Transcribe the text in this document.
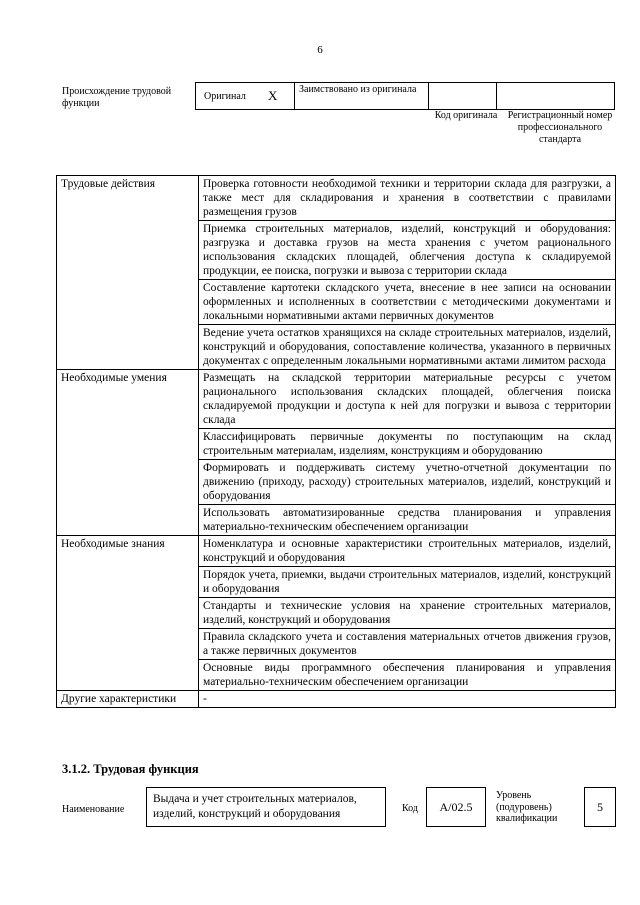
6
Происхождение трудовой функции
Оригинал X Заимствовано из оригинала
Код оригинала	Регистрационный номер профессионального стандарта
Трудовые действия	Проверка готовности необходимой техники и территории склада для разгрузки, а также мест для складирования и хранения в соответствии с правилами размещения грузов
	Приемка строительных материалов, изделий, конструкций и оборудования: разгрузка и доставка грузов на места хранения с учетом рационального использования складских площадей, облегчения доступа к складируемой продукции, ее поиска, погрузки и вывоза с территории склада
	Составление картотеки складского учета, внесение в нее записи на основании оформленных и исполненных в соответствии с методическими документами и локальными нормативными актами первичных документов
	Ведение учета остатков хранящихся на складе строительных материалов, изделий, конструкций и оборудования, сопоставление количества, указанного в первичных документах с определенным локальными нормативными актами лимитом расхода
Необходимые умения	Размещать на складской территории материальные ресурсы с учетом рационального использования складских площадей, облегчения поиска складируемой продукции и доступа к ней для погрузки и вывоза с территории склада
	Классифицировать первичные документы по поступающим на склад строительным материалам, изделиям, конструкциям и оборудованию
	Формировать и поддерживать систему учетно-отчетной документации по движению (приходу, расходу) строительных материалов, изделий, конструкций и оборудования
	Использовать автоматизированные средства планирования и управления материально-техническим обеспечением организации
Необходимые знания	Номенклатура и основные характеристики строительных материалов, изделий, конструкций и оборудования
	Порядок учета, приемки, выдачи строительных материалов, изделий, конструкций и оборудования
	Стандарты и технические условия на хранение строительных материалов, изделий, конструкций и оборудования
	Правила складского учета и составления материальных отчетов движения грузов, а также первичных документов
	Основные виды программного обеспечения планирования и управления материально-техническим обеспечением организации
Другие характеристики	-
3.1.2. Трудовая функция
Наименование
Выдача и учет строительных материалов, изделий, конструкций и оборудования	Код	А/02.5
Уровень (подуровень) квалификации
5
